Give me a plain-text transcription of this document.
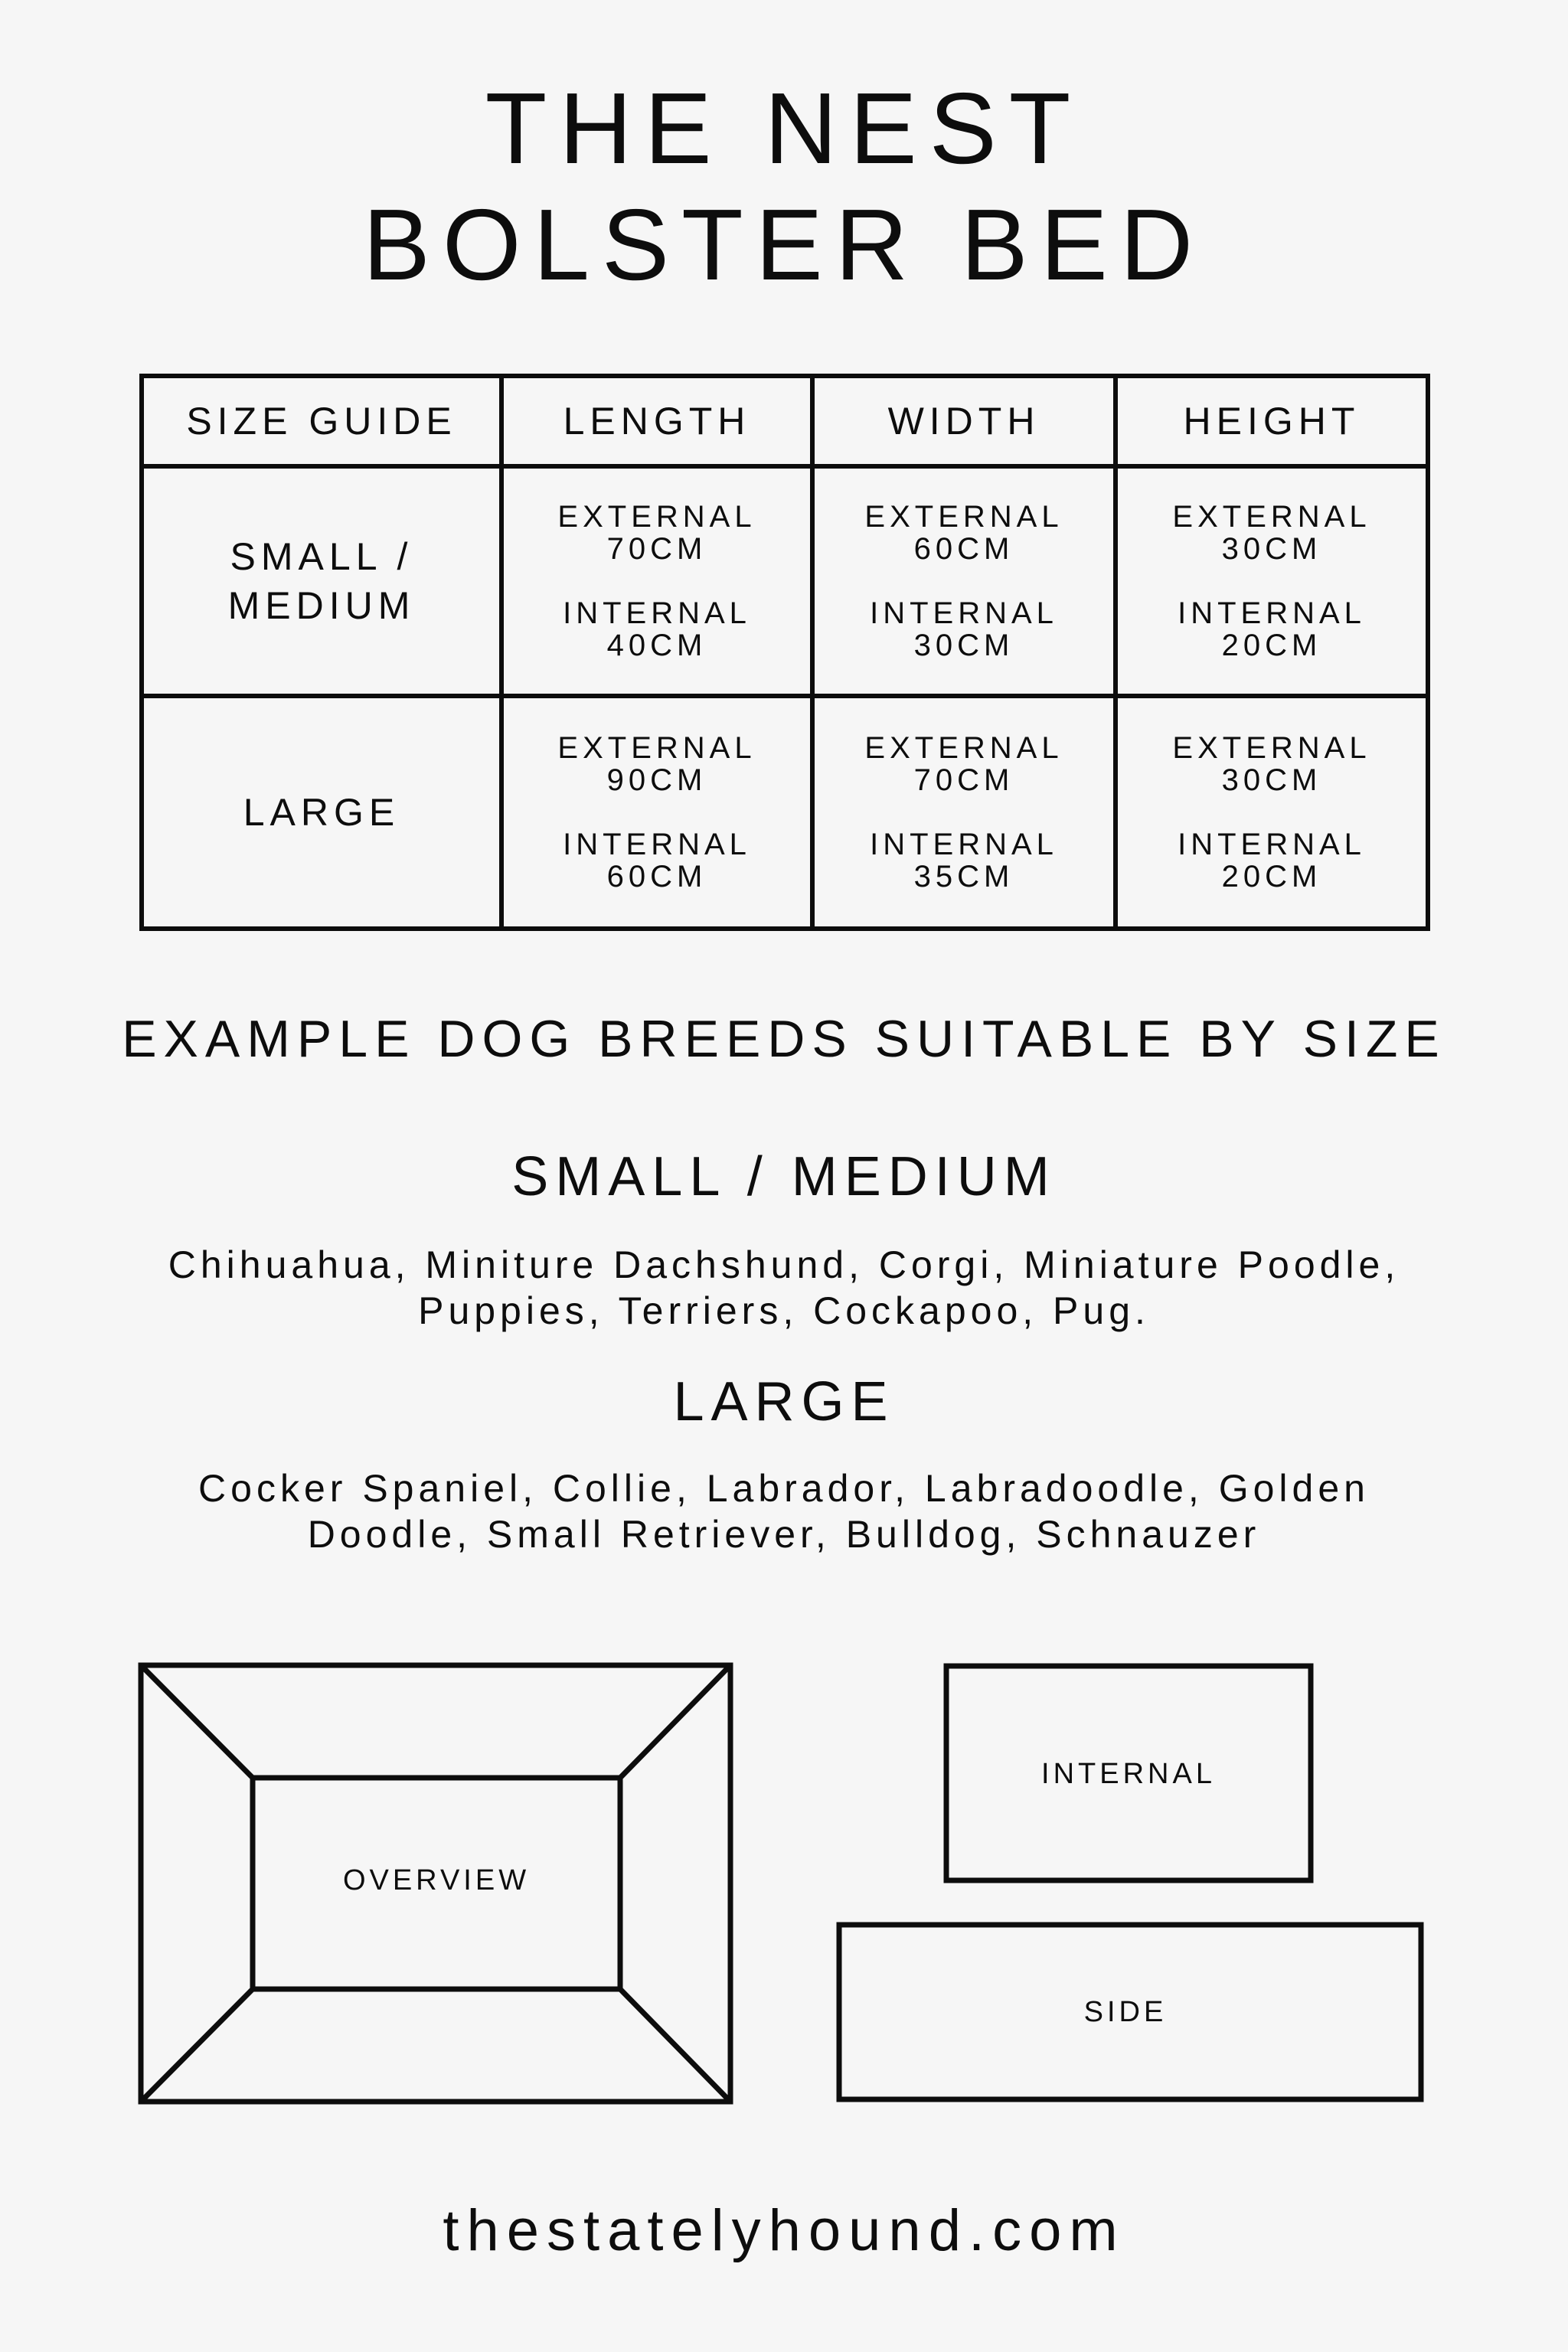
THE NEST
BOLSTER BED
SIZE GUIDE	LENGTH	WIDTH	HEIGHT

SMALL /
MEDIUM	EXTERNAL
70CM
INTERNAL
40CM	EXTERNAL
60CM
INTERNAL
30CM	EXTERNAL
30CM
INTERNAL
20CM

LARGE	EXTERNAL
90CM
INTERNAL
60CM	EXTERNAL
70CM
INTERNAL
35CM	EXTERNAL
30CM
INTERNAL
20CM
EXAMPLE DOG BREEDS SUITABLE BY SIZE
SMALL / MEDIUM

Chihuahua, Miniture Dachshund, Corgi, Miniature Poodle,
Puppies, Terriers, Cockapoo, Pug.

LARGE

Cocker Spaniel, Collie, Labrador, Labradoodle, Golden
Doodle, Small Retriever, Bulldog, Schnauzer

OVERVIEW
INTERNAL
SIDE

thestatelyhound.com
